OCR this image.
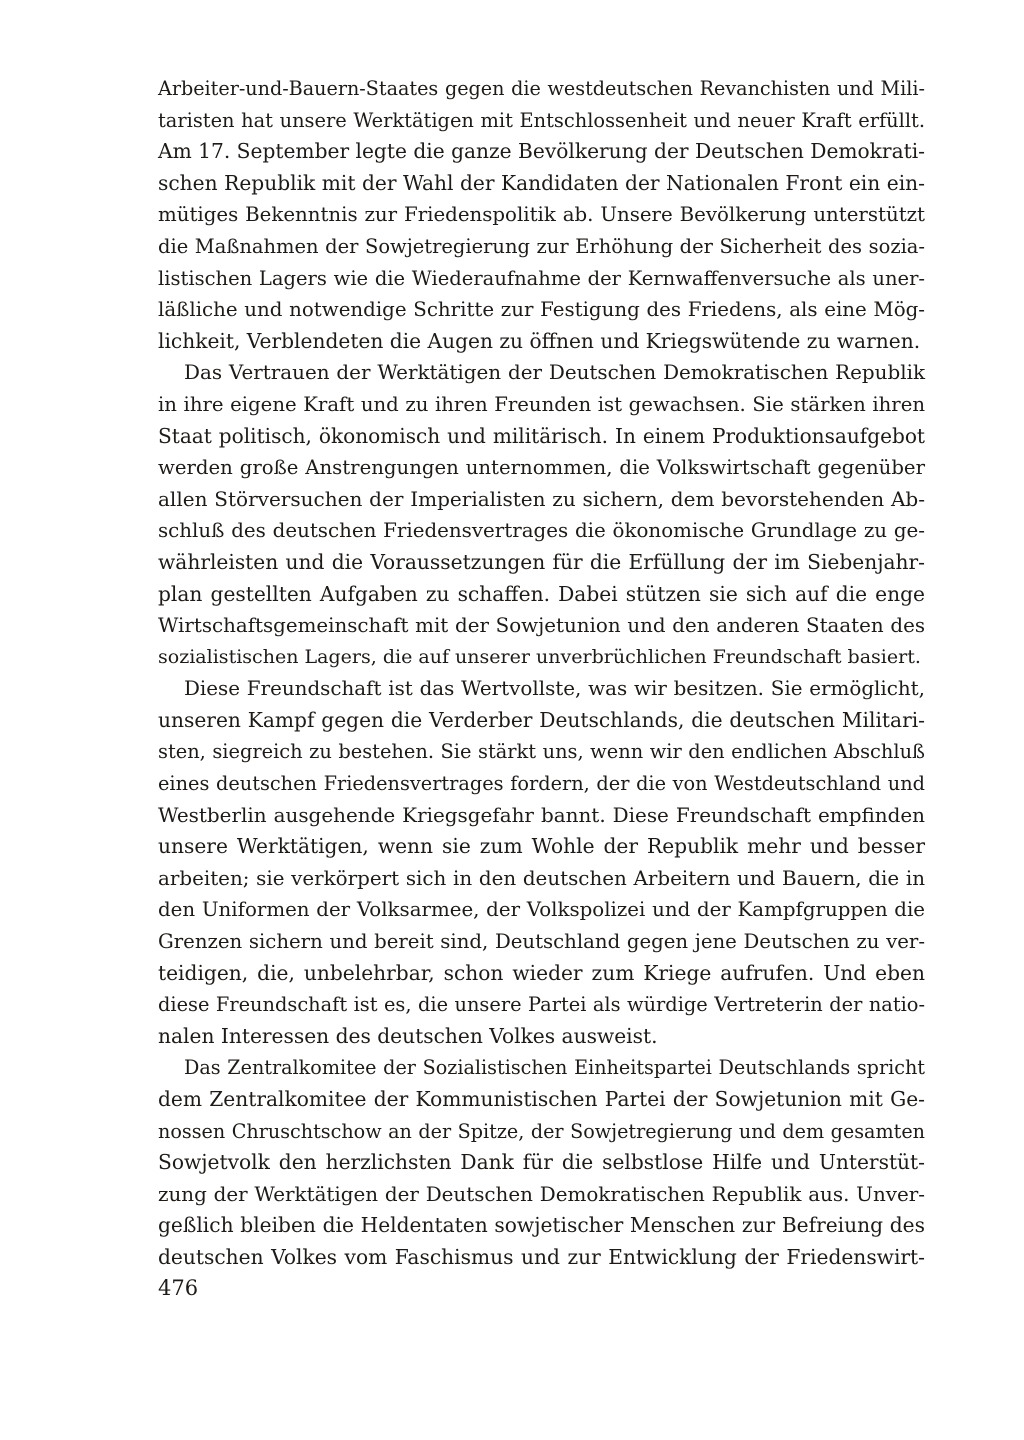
Arbeiter-und-Bauern-Staates gegen die westdeutschen Revanchisten und Mili-
taristen hat unsere Werktätigen mit Entschlossenheit und neuer Kraft erfüllt.
Am 17. September legte die ganze Bevölkerung der Deutschen Demokrati-
schen Republik mit der Wahl der Kandidaten der Nationalen Front ein ein-
mütiges Bekenntnis zur Friedenspolitik ab. Unsere Bevölkerung unterstützt
die Maßnahmen der Sowjetregierung zur Erhöhung der Sicherheit des sozia-
listischen Lagers wie die Wiederaufnahme der Kernwaffenversuche als uner-
läßliche und notwendige Schritte zur Festigung des Friedens, als eine Mög-
lichkeit, Verblendeten die Augen zu öffnen und Kriegswütende zu warnen.
Das Vertrauen der Werktätigen der Deutschen Demokratischen Republik
in ihre eigene Kraft und zu ihren Freunden ist gewachsen. Sie stärken ihren
Staat politisch, ökonomisch und militärisch. In einem Produktionsaufgebot
werden große Anstrengungen unternommen, die Volkswirtschaft gegenüber
allen Störversuchen der Imperialisten zu sichern, dem bevorstehenden Ab-
schluß des deutschen Friedensvertrages die ökonomische Grundlage zu ge-
währleisten und die Voraussetzungen für die Erfüllung der im Siebenjahr-
plan gestellten Aufgaben zu schaffen. Dabei stützen sie sich auf die enge
Wirtschaftsgemeinschaft mit der Sowjetunion und den anderen Staaten des
sozialistischen Lagers, die auf unserer unverbrüchlichen Freundschaft basiert.
Diese Freundschaft ist das Wertvollste, was wir besitzen. Sie ermöglicht,
unseren Kampf gegen die Verderber Deutschlands, die deutschen Militari-
sten, siegreich zu bestehen. Sie stärkt uns, wenn wir den endlichen Abschluß
eines deutschen Friedensvertrages fordern, der die von Westdeutschland und
Westberlin ausgehende Kriegsgefahr bannt. Diese Freundschaft empfinden
unsere Werktätigen, wenn sie zum Wohle der Republik mehr und besser
arbeiten; sie verkörpert sich in den deutschen Arbeitern und Bauern, die in
den Uniformen der Volksarmee, der Volkspolizei und der Kampfgruppen die
Grenzen sichern und bereit sind, Deutschland gegen jene Deutschen zu ver-
teidigen, die, unbelehrbar, schon wieder zum Kriege aufrufen. Und eben
diese Freundschaft ist es, die unsere Partei als würdige Vertreterin der natio-
nalen Interessen des deutschen Volkes ausweist.
Das Zentralkomitee der Sozialistischen Einheitspartei Deutschlands spricht
dem Zentralkomitee der Kommunistischen Partei der Sowjetunion mit Ge-
nossen Chruschtschow an der Spitze, der Sowjetregierung und dem gesamten
Sowjetvolk den herzlichsten Dank für die selbstlose Hilfe und Unterstüt-
zung der Werktätigen der Deutschen Demokratischen Republik aus. Unver-
geßlich bleiben die Heldentaten sowjetischer Menschen zur Befreiung des
deutschen Volkes vom Faschismus und zur Entwicklung der Friedenswirt-
476
